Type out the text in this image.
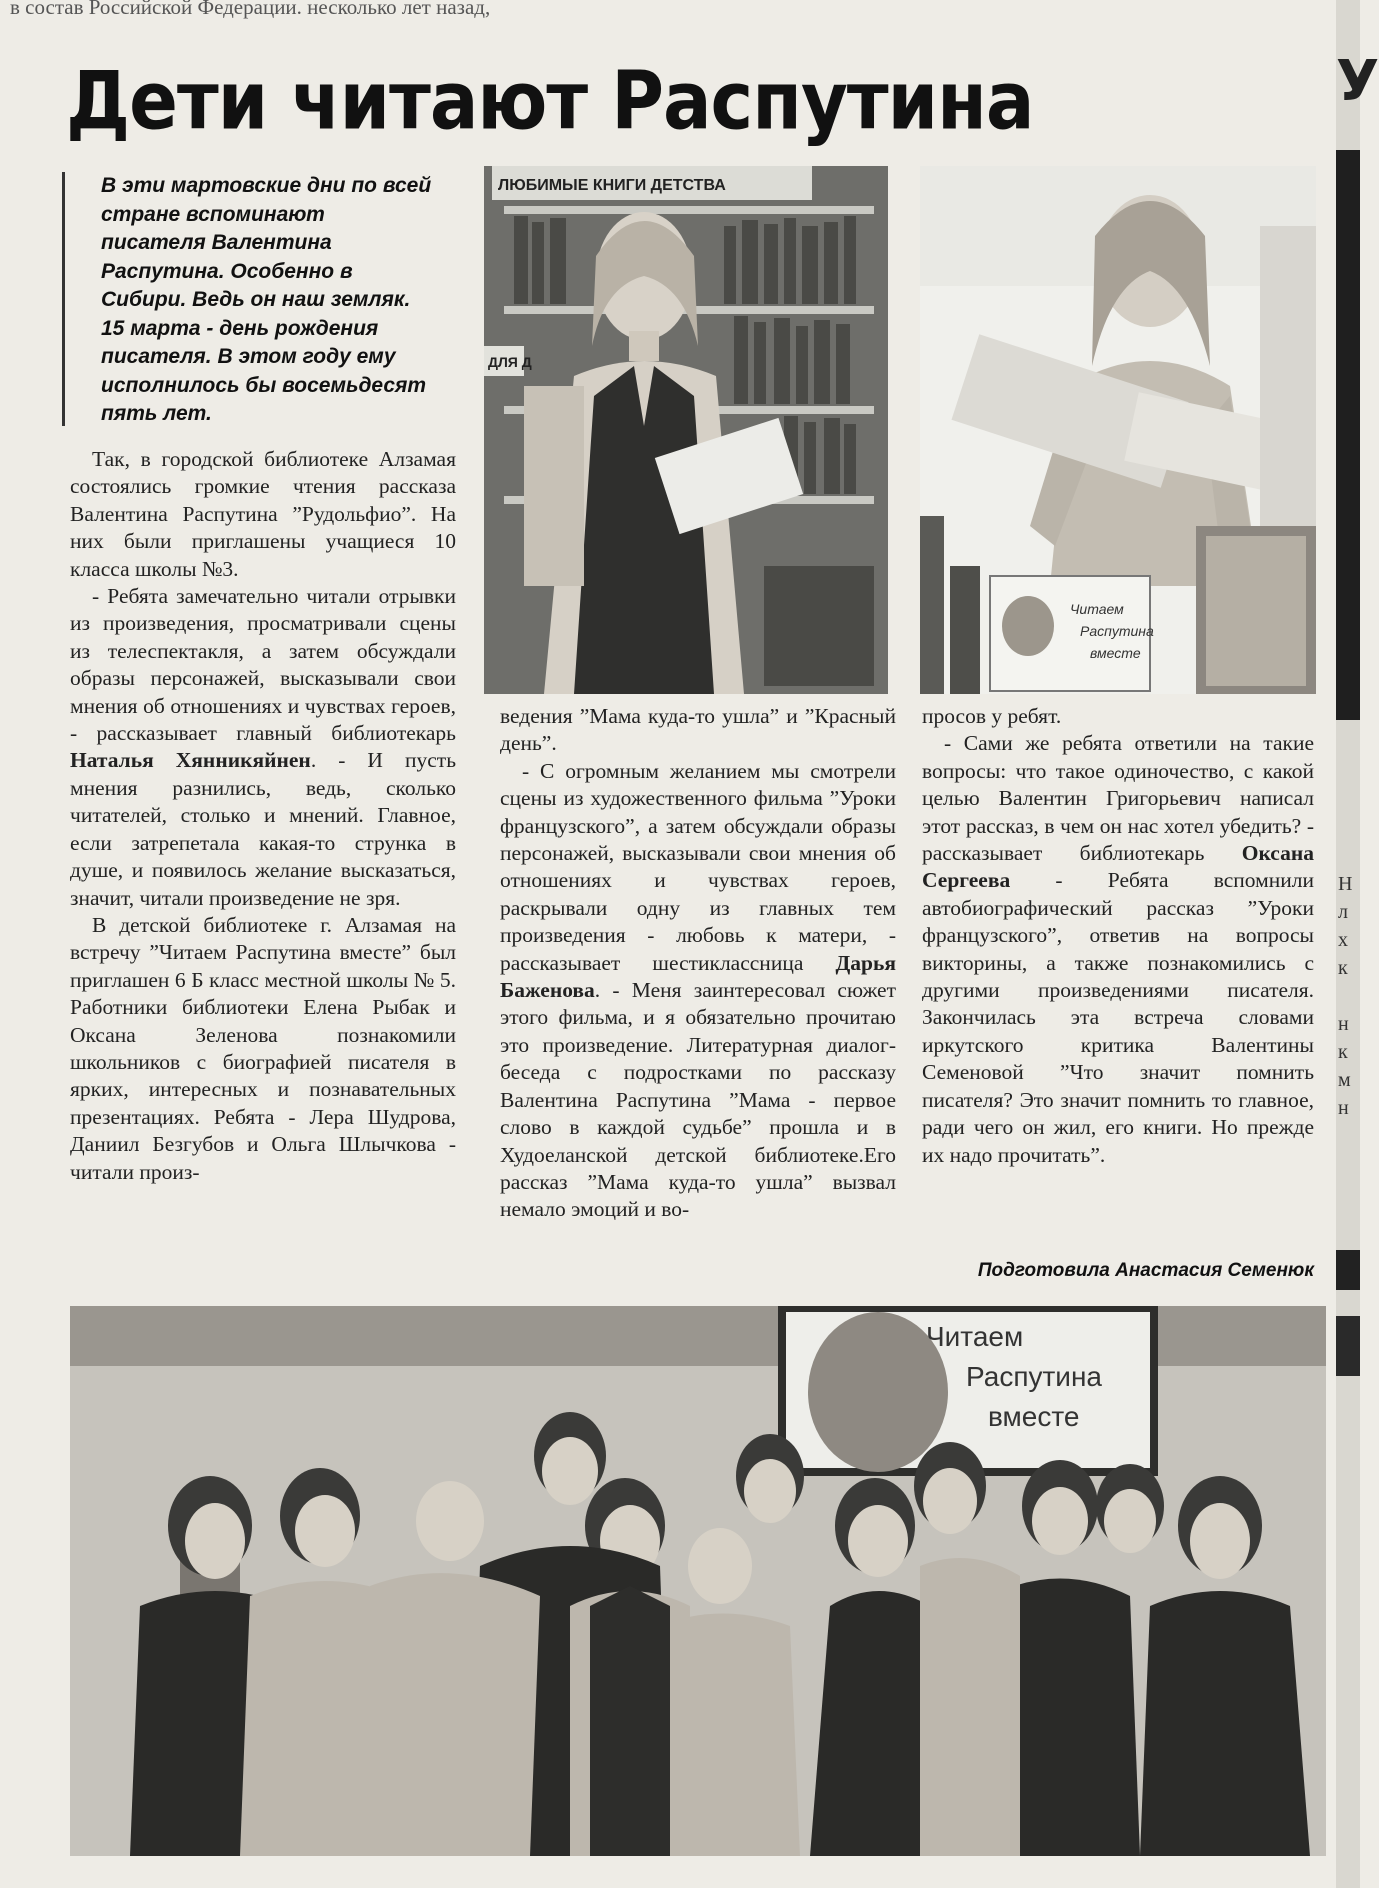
в состав Российской Федерации. несколько лет назад,
Дети читают Распутина
В эти мартовские дни по всей стране вспоминают писателя Валентина Распутина. Особенно в Сибири. Ведь он наш земляк. 15 марта - день рождения писателя. В этом году ему исполнилось бы восемьдесят пять лет.

Так, в городской библиотеке Алзамая состоялись громкие чтения рассказа Валентина Распутина ”Рудольфио”. На них были приглашены учащиеся 10 класса школы №3.

- Ребята замечательно читали отрывки из произведения, просматривали сцены из телеспектакля, а затем обсуждали образы персонажей, высказывали свои мнения об отношениях и чувствах героев, - рассказывает главный библиотекарь Наталья Хянникяйнен. - И пусть мнения разнились, ведь, сколько читателей, столько и мнений. Главное, если затрепетала какая-то струнка в душе, и появилось желание высказаться, значит, читали произведение не зря.

В детской библиотеке г. Алзамая на встречу ”Читаем Распутина вместе” был приглашен 6 Б класс местной школы № 5. Работники библиотеки Елена Рыбак и Оксана Зеленова познакомили школьников с биографией писателя в ярких, интересных и познавательных презентациях. Ребята - Лера Шудрова, Даниил Безгубов и Ольга Шлычкова - читали произ-

ведения ”Мама куда-то ушла” и ”Красный день”.

- С огромным желанием мы смотрели сцены из художественного фильма ”Уроки французского”, а затем обсуждали образы персонажей, высказывали свои мнения об отношениях и чувствах героев, раскрывали одну из главных тем произведения - любовь к матери, - рассказывает шестиклассница Дарья Баженова. - Меня заинтересовал сюжет этого фильма, и я обязательно прочитаю это произведение. Литературная диалог-беседа с подростками по рассказу Валентина Распутина ”Мама - первое слово в каждой судьбе” прошла и в Худоеланской детской библиотеке.Его рассказ ”Мама куда-то ушла” вызвал немало эмоций и во-

просов у ребят.

- Сами же ребята ответили на такие вопросы: что такое одиночество, с какой целью Валентин Григорьевич написал этот рассказ, в чем он нас хотел убедить? - рассказывает библиотекарь Оксана Сергеева - Ребята вспомнили автобиографический рассказ ”Уроки французского”, ответив на вопросы викторины, а также познакомились с другими произведениями писателя. Закончилась эта встреча словами иркутского критика Валентины Семеновой ”Что значит помнить писателя? Это значит помнить то главное, ради чего он жил, его книги. Но прежде их надо прочитать”.

Подготовила Анастасия Семенюк
ЛЮБИМЫЕ КНИГИ ДЕТСТВА
ДЛЯ Д
Читаем
Распутина
вместе
Читаем
Распутина
вместе
У
Н
л
х
к

н
к
м
н
